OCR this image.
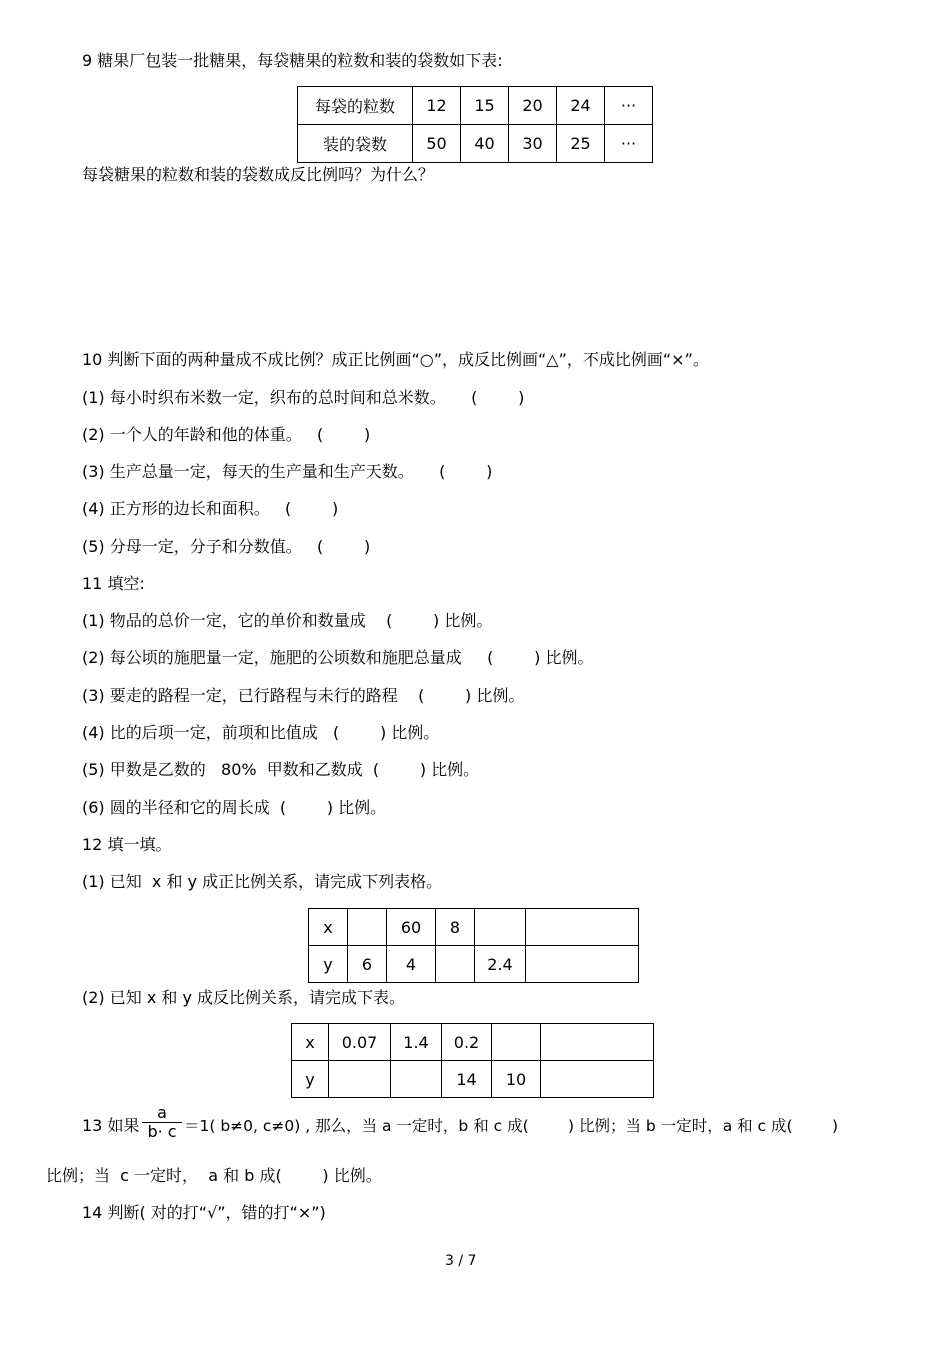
9 糖果厂包装一批糖果，每袋糖果的粒数和装的袋数如下表:
每袋的粒数	12	15	20	24	···
装的袋数	50	40	30	25	···
每袋糖果的粒数和装的袋数成反比例吗？为什么？
10 判断下面的两种量成不成比例？成正比例画“○”，成反比例画“△”，不成比例画“×”。
(1) 每小时织布米数一定，织布的总时间和总米数。     (        )
(2) 一个人的年龄和他的体重。   (        )
(3) 生产总量一定，每天的生产量和生产天数。     (        )
(4) 正方形的边长和面积。   (        )
(5) 分母一定，分子和分数值。   (        )
11 填空:
(1) 物品的总价一定，它的单价和数量成    (        ) 比例。
(2) 每公顷的施肥量一定，施肥的公顷数和施肥总量成     (        ) 比例。
(3) 要走的路程一定，已行路程与未行的路程    (        ) 比例。
(4) 比的后项一定，前项和比值成   (        ) 比例。
(5) 甲数是乙数的   80%  甲数和乙数成  (        ) 比例。
(6) 圆的半径和它的周长成  (        ) 比例。
12 填一填。
(1) 已知  x 和 y 成正比例关系，请完成下列表格。
x		60	8		
y	6	4		2.4	
(2) 已知 x 和 y 成反比例关系，请完成下表。
x	0.07	1.4	0.2		
y			14	10	
13 如果
a
b· c ＝1( b≠0, c≠0) , 那么，当 a 一定时，b 和 c 成(        ) 比例；当 b 一定时，a 和 c 成(        )
比例；当  c 一定时，  a 和 b 成(        ) 比例。
14 判断( 对的打“√”，错的打“×”)
3 / 7
